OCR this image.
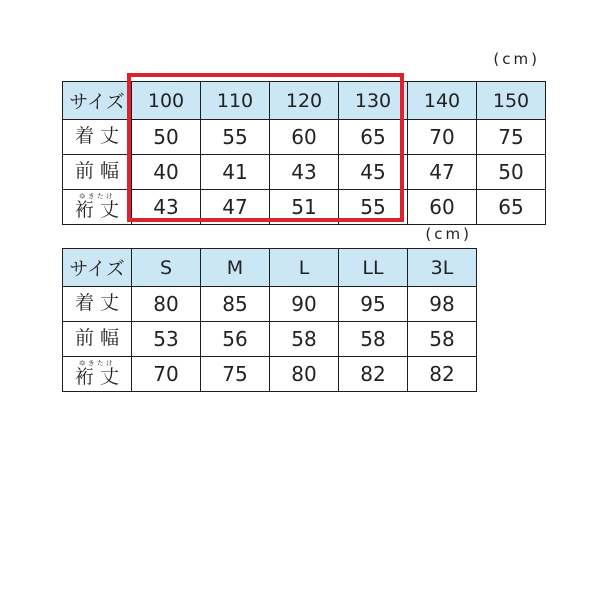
(cm)
サイズ	100	110	120	130	140	150

着 丈	50	55	60	65	70	75

前 幅	40	41	43	45	47	50

ゆきたけ
裄 丈	43	47	51	55	60	65
(cm)
サイズ	S	M	L	LL	3L

着 丈	80	85	90	95	98

前 幅	53	56	58	58	58

ゆきたけ
裄 丈	70	75	80	82	82
